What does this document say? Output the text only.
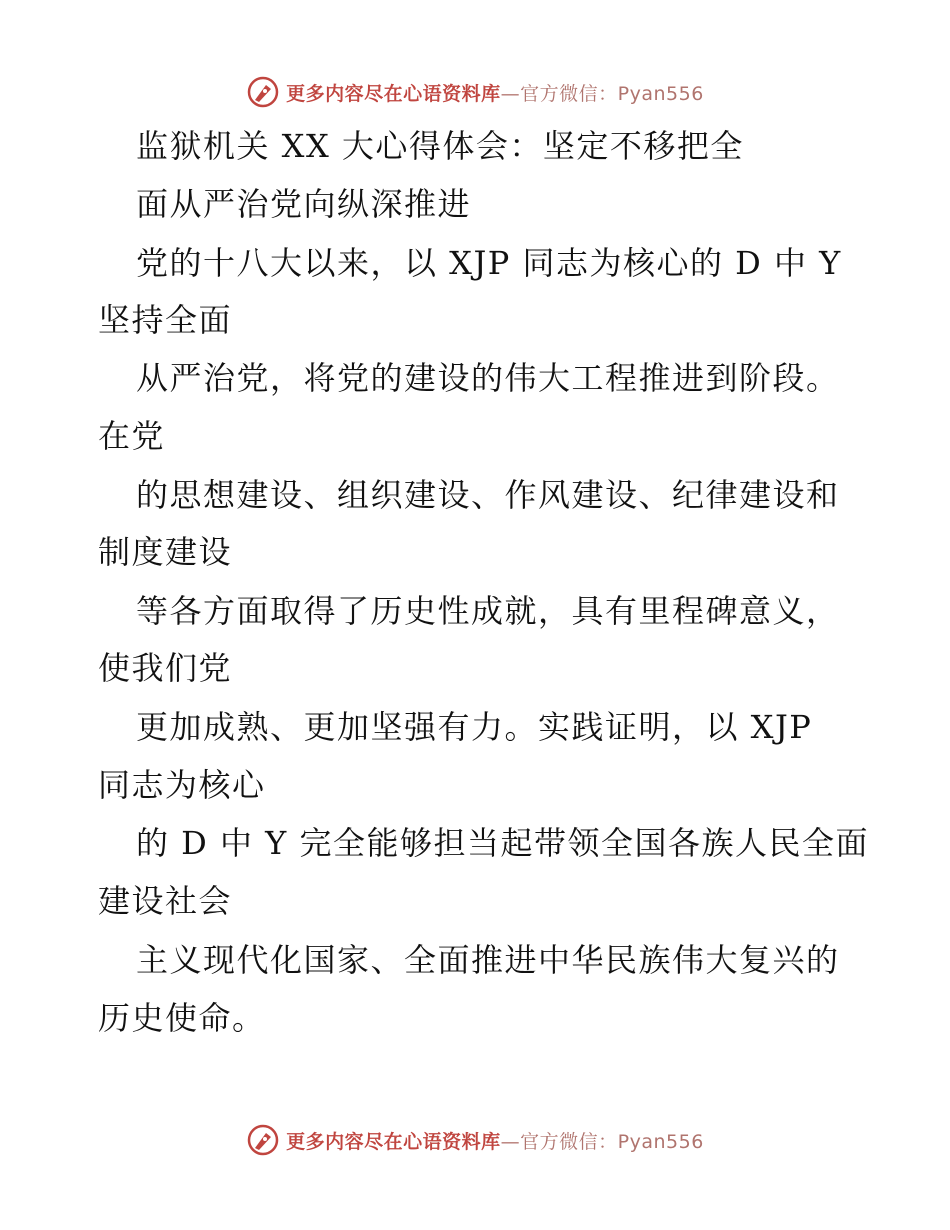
更多内容尽在心语资料库—官方微信：Pyan556
监狱机关 XX 大心得体会：坚定不移把全
面从严治党向纵深推进
党的十八大以来，以 XJP 同志为核心的 D 中 Y
坚持全面
从严治党，将党的建设的伟大工程推进到阶段。
在党
的思想建设、组织建设、作风建设、纪律建设和
制度建设
等各方面取得了历史性成就，具有里程碑意义，
使我们党
更加成熟、更加坚强有力。实践证明，以 XJP
同志为核心
的 D 中 Y 完全能够担当起带领全国各族人民全面
建设社会
主义现代化国家、全面推进中华民族伟大复兴的
历史使命。
更多内容尽在心语资料库—官方微信：Pyan556
